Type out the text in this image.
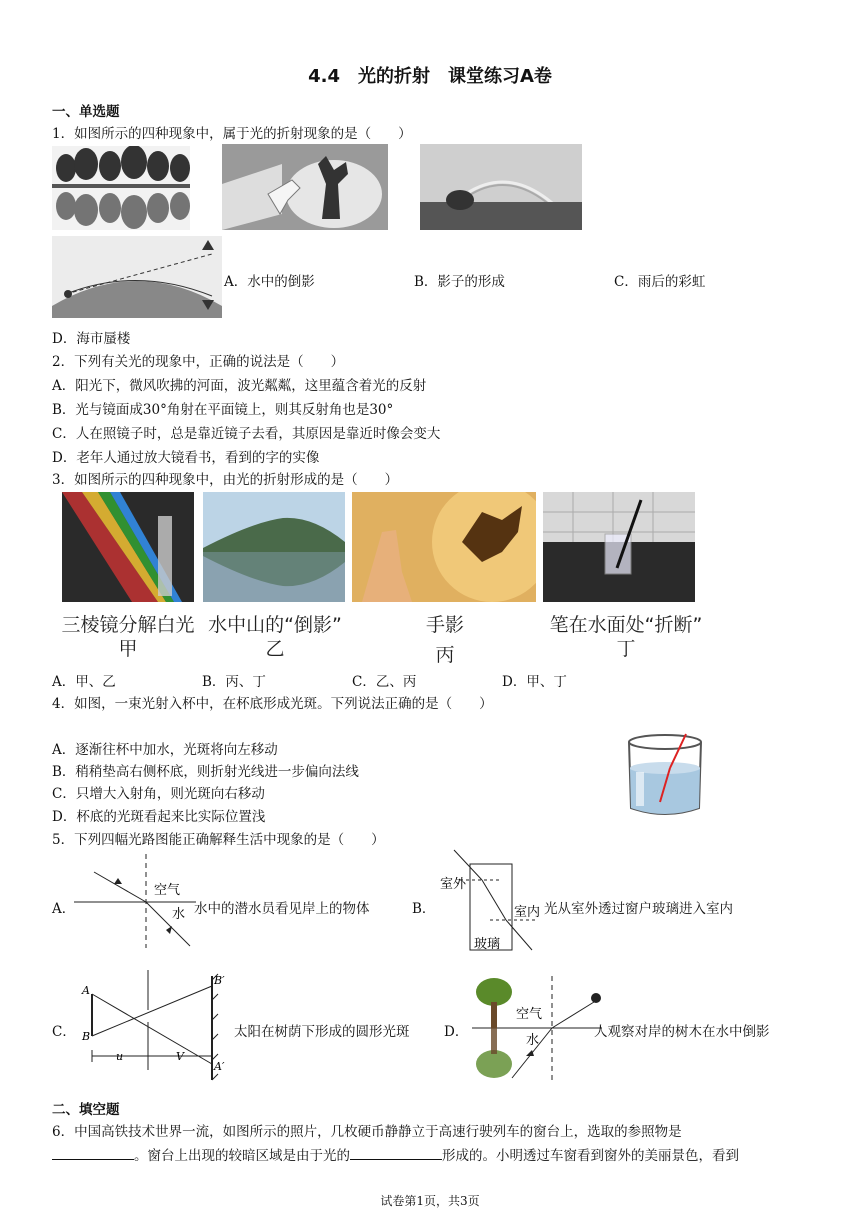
4.4　光的折射　课堂练习A卷
一、单选题
1．如图所示的四种现象中，属于光的折射现象的是（　　）
A．水中的倒影	B．影子的形成	C．雨后的彩虹
D．海市蜃楼
2．下列有关光的现象中，正确的说法是（　　）
A．阳光下，微风吹拂的河面，波光粼粼，这里蕴含着光的反射
B．光与镜面成30°角射在平面镜上，则其反射角也是30°
C．人在照镜子时，总是靠近镜子去看，其原因是靠近时像会变大
D．老年人通过放大镜看书，看到的字的实像
3．如图所示的四种现象中，由光的折射形成的是（　　）
三棱镜分解白光
甲
水中山的“倒影”
乙
手影
丙
笔在水面处“折断”
丁
A．甲、乙	B．丙、丁	C．乙、丙	D．甲、丁
4．如图，一束光射入杯中，在杯底形成光斑。下列说法正确的是（　　）
A．逐渐往杯中加水，光斑将向左移动
B．稍稍垫高右侧杯底，则折射光线进一步偏向法线
C．只增大入射角，则光斑向右移动
D．杯底的光斑看起来比实际位置浅
5．下列四幅光路图能正确解释生活中现象的是（　　）
A．
空气
水 水中的潜水员看见岸上的物体	B．
室外
室内
玻璃
光从室外透过窗户玻璃进入室内
C．
A
B
B′
A′
u	V
太阳在树荫下形成的圆形光斑	D．
空气
水
人观察对岸的树木在水中倒影
二、填空题
6．中国高铁技术世界一流，如图所示的照片，几枚硬币静静立于高速行驶列车的窗台上，选取的参照物是
。窗台上出现的较暗区域是由于光的	形成的。小明透过车窗看到窗外的美丽景色，看到
试卷第1页，共3页
